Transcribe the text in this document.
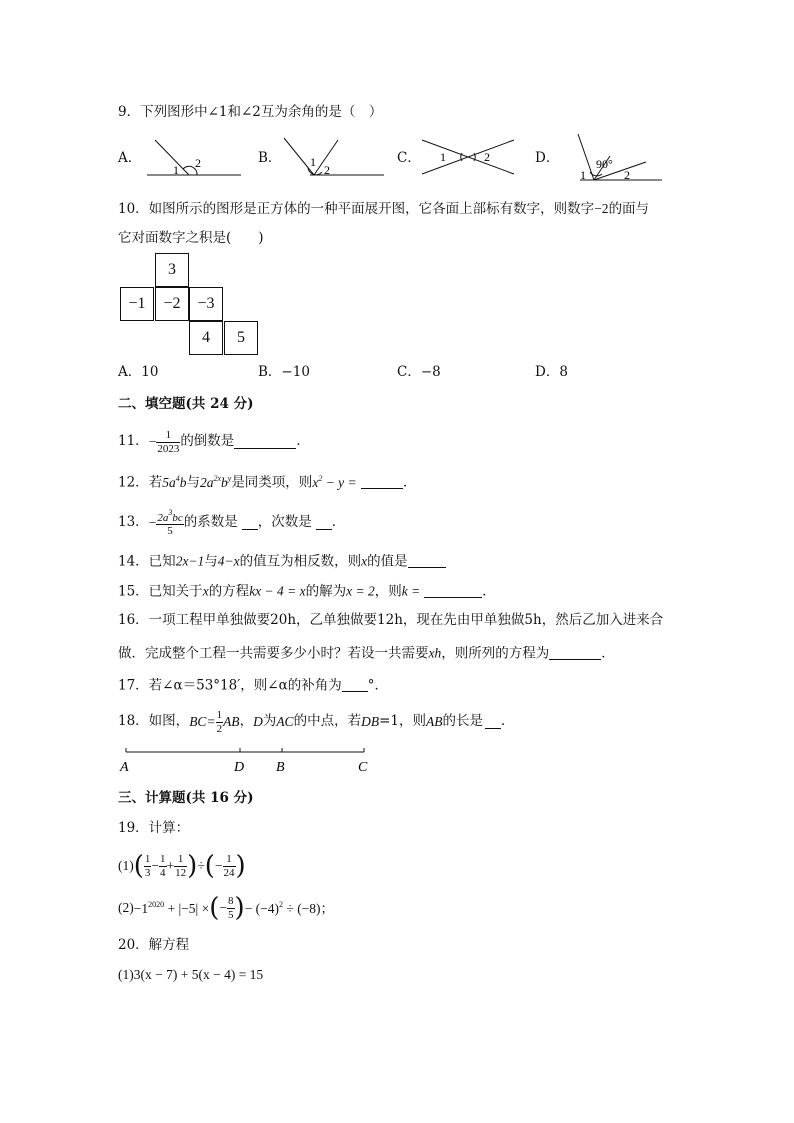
9．下列图形中∠1和∠2互为余角的是（　）
A．
1 2	B． 1
2
C． 1	2	D．
1
90°
2
10．如图所示的图形是正方体的一种平面展开图，它各面上部标有数字，则数字−2的面与
它对面数字之积是(　　)
3
−1	−2	−3
4	5
A．10	B．−10	C．−8	D．8
二、填空题(共 24 分)
11． − $\frac{1}{2023}$ 的倒数是	．
12．若$5a^4b$与$2a^{2x}b^y$是同类项，则$x^2 - y$ =	．
13． − $\frac{2a^3bc}{5}$ 的系数是 ，次数是 ．
14．已知2x−1与4−x的值互为相反数，则x的值是
15．已知关于x的方程kx − 4 = x的解为x = 2，则k =	．
16．一项工程甲单独做要20h，乙单独做要12h，现在先由甲单独做5h，然后乙加入进来合
做．完成整个工程一共需要多少小时？若设一共需要xh，则所列的方程为	．
17．若∠α＝53°18′，则∠α的补角为 °．
18．如图， $BC= \frac{1}{2}$ AB ， D 为 AC 的中点，若 DB =1，则 AB 的长是 ．
A	D B	C
三、计算题(共 16 分)
19．计算：
(1) ( $\frac{1}{3} - \frac{1}{4} + \frac{1}{12}$ ) ÷ ( − $\frac{1}{24}$ )
$(2) -1^{2020} + |-5|$ × ( − $\frac{8}{5}$ ) − $(-4)^2 \div (-8)$；
20．解方程
(1)3(x − 7) + 5(x − 4) = 15
